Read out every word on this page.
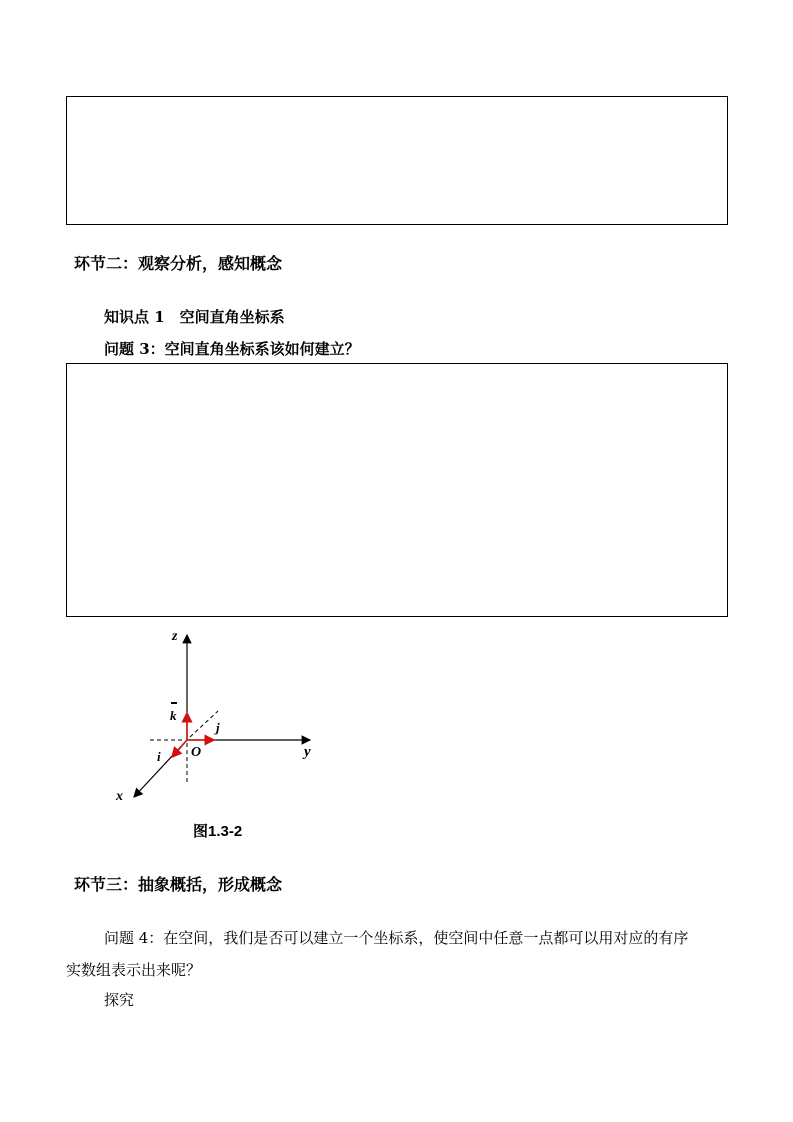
环节二：观察分析，感知概念
知识点 1　空间直角坐标系
问题 3：空间直角坐标系该如何建立？
z
y
x
O
k
j
i
图1.3-2
环节三：抽象概括，形成概念
问题 4：在空间，我们是否可以建立一个坐标系，使空间中任意一点都可以用对应的有序
实数组表示出来呢？
探究
